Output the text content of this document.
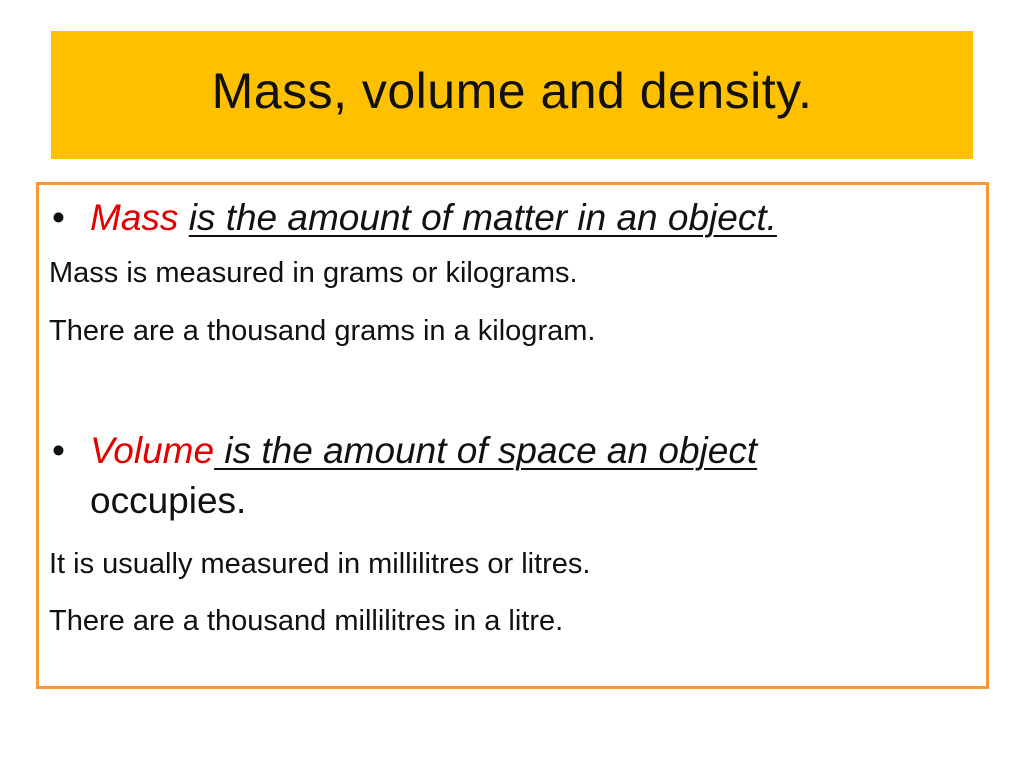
Mass, volume and density.
• Mass is the amount of matter in an object.
Mass is measured in grams or kilograms.
There are a thousand grams in a kilogram.
• Volume is the amount of space an object
occupies.
It is usually measured in millilitres or litres.
There are a thousand millilitres in a litre.
